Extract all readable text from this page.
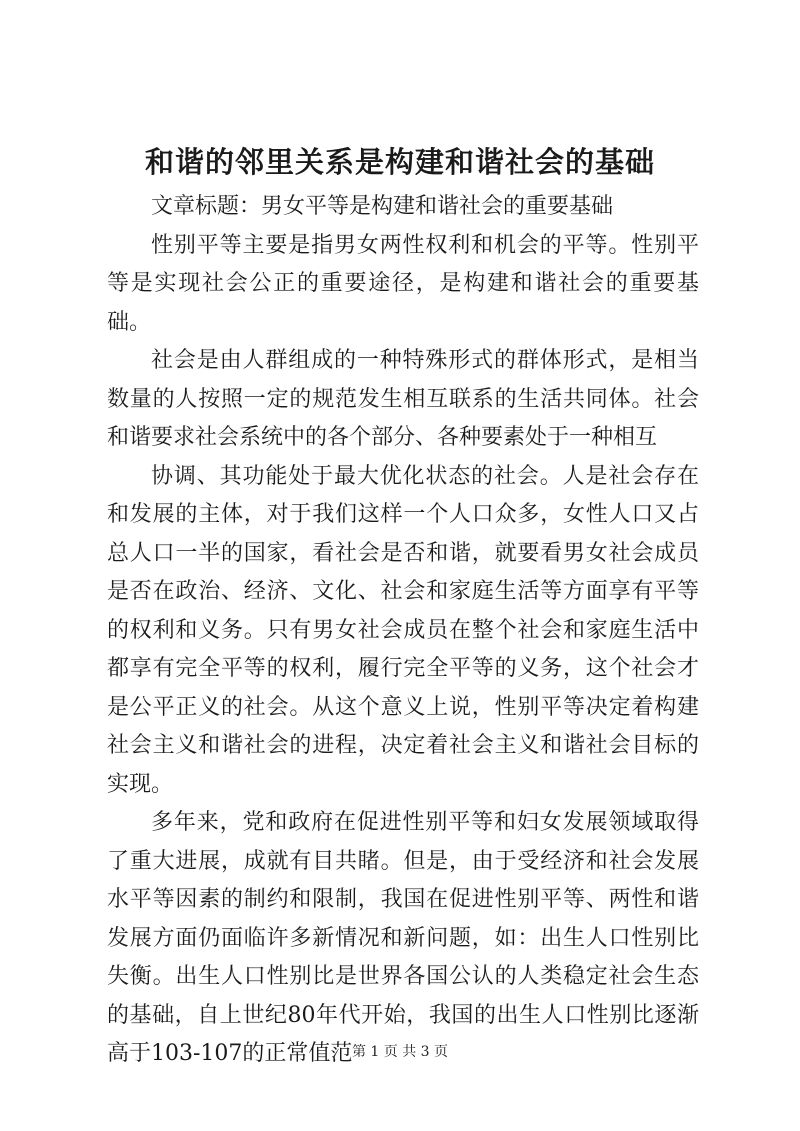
和谐的邻里关系是构建和谐社会的基础

文章标题：男女平等是构建和谐社会的重要基础

性别平等主要是指男女两性权利和机会的平等。性别平等是实现社会公正的重要途径，是构建和谐社会的重要基础。

社会是由人群组成的一种特殊形式的群体形式，是相当数量的人按照一定的规范发生相互联系的生活共同体。社会和谐要求社会系统中的各个部分、各种要素处于一种相互

协调、其功能处于最大优化状态的社会。人是社会存在和发展的主体，对于我们这样一个人口众多，女性人口又占总人口一半的国家，看社会是否和谐，就要看男女社会成员是否在政治、经济、文化、社会和家庭生活等方面享有平等的权利和义务。只有男女社会成员在整个社会和家庭生活中都享有完全平等的权利，履行完全平等的义务，这个社会才是公平正义的社会。从这个意义上说，性别平等决定着构建社会主义和谐社会的进程，决定着社会主义和谐社会目标的实现。

多年来，党和政府在促进性别平等和妇女发展领域取得了重大进展，成就有目共睹。但是，由于受经济和社会发展水平等因素的制约和限制，我国在促进性别平等、两性和谐发展方面仍面临许多新情况和新问题，如：出生人口性别比失衡。出生人口性别比是世界各国公认的人类稳定社会生态的基础，自上世纪80年代开始，我国的出生人口性别比逐渐高于103-107的正常值范 第 1 页 共 3 页
